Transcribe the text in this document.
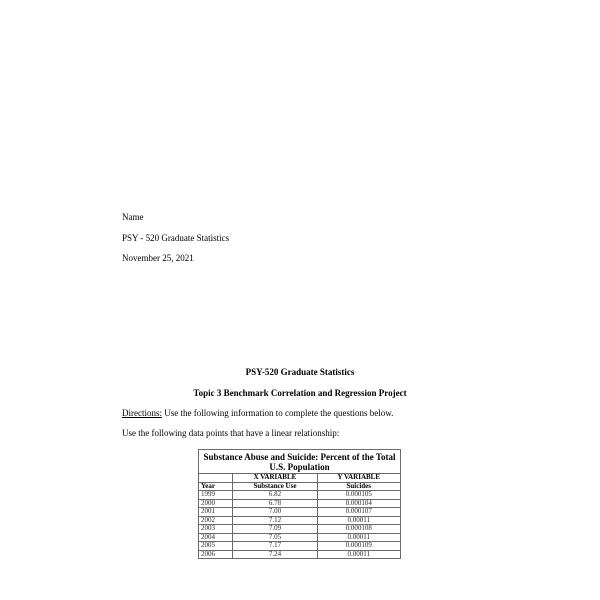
Name
PSY - 520 Graduate Statistics
November 25, 2021
PSY-520 Graduate Statistics
Topic 3 Benchmark Correlation and Regression Project
Directions: Use the following information to complete the questions below.
Use the following data points that have a linear relationship:
Substance Abuse and Suicide: Percent of the Total U.S. Population		
	X VARIABLE	Y VARIABLE
Year	Substance Use	Suicides
1999	6.82	0.000105
2000	6.78	0.000104
2001	7.00	0.000107
2002	7.12	0.00011
2003	7.09	0.000108
2004	7.05	0.00011
2005	7.17	0.000109
2006	7.24	0.00011
